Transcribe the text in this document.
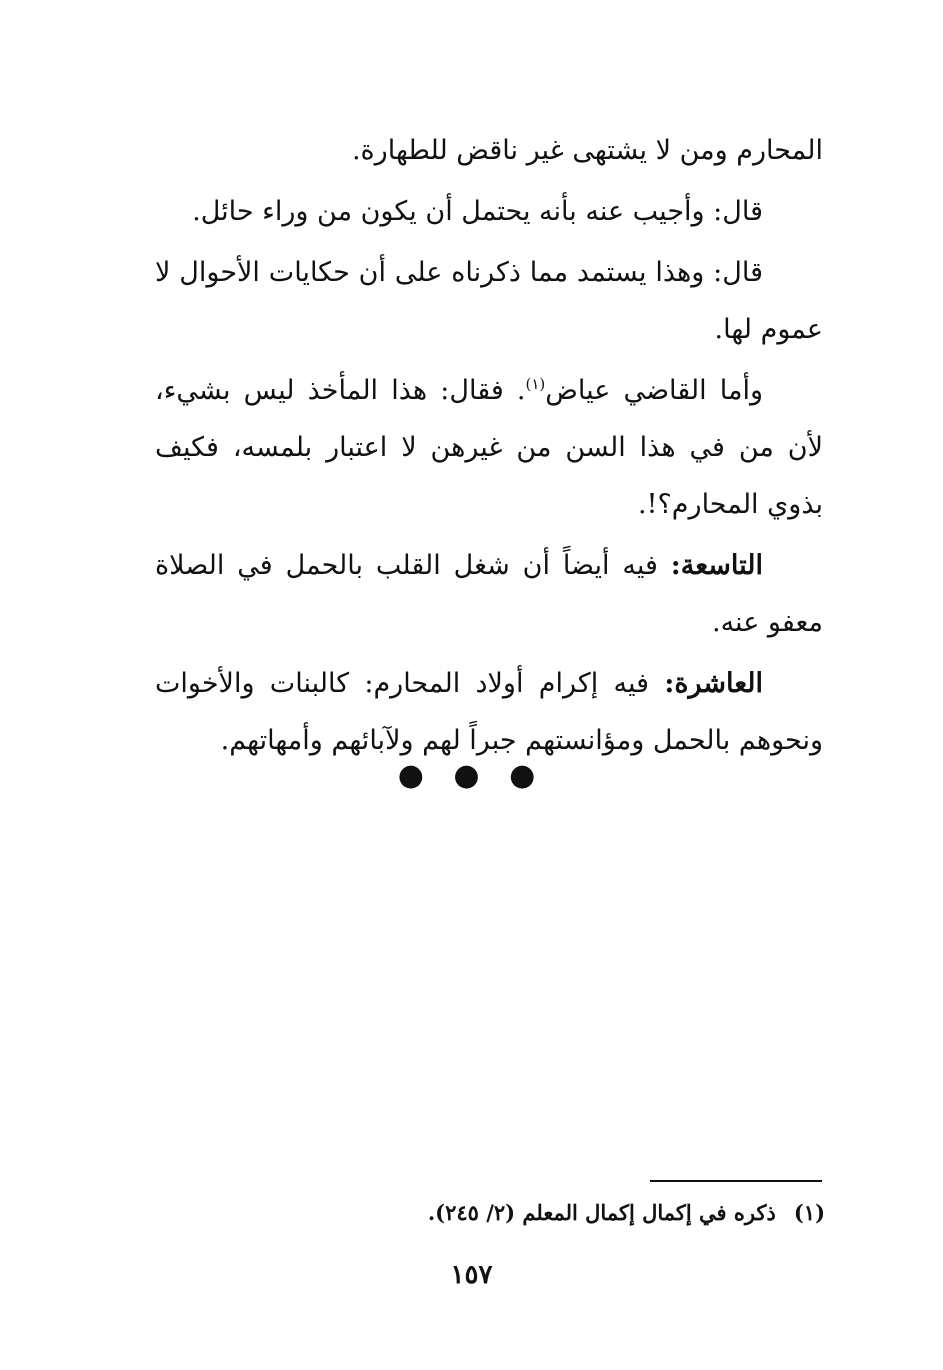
المحارم ومن لا يشتهى غير ناقض للطهارة.

قال: وأجيب عنه بأنه يحتمل أن يكون من وراء حائل.

قال: وهذا يستمد مما ذكرناه على أن حكايات الأحوال لا عموم لها.

وأما القاضي عياض$^{(١)}$. فقال: هذا المأخذ ليس بشيء، لأن من في هذا السن من غيرهن لا اعتبار بلمسه، فكيف بذوي المحارم؟!.

التاسعة: فيه أيضاً أن شغل القلب بالحمل في الصلاة معفو عنه.

العاشرة: فيه إكرام أولاد المحارم: كالبنات والأخوات ونحوهم بالحمل ومؤانستهم جبراً لهم ولآبائهم وأمهاتهم.

● ● ●
(١)ذكره في إكمال إكمال المعلم (٢/ ٢٤٥).
١٥٧
